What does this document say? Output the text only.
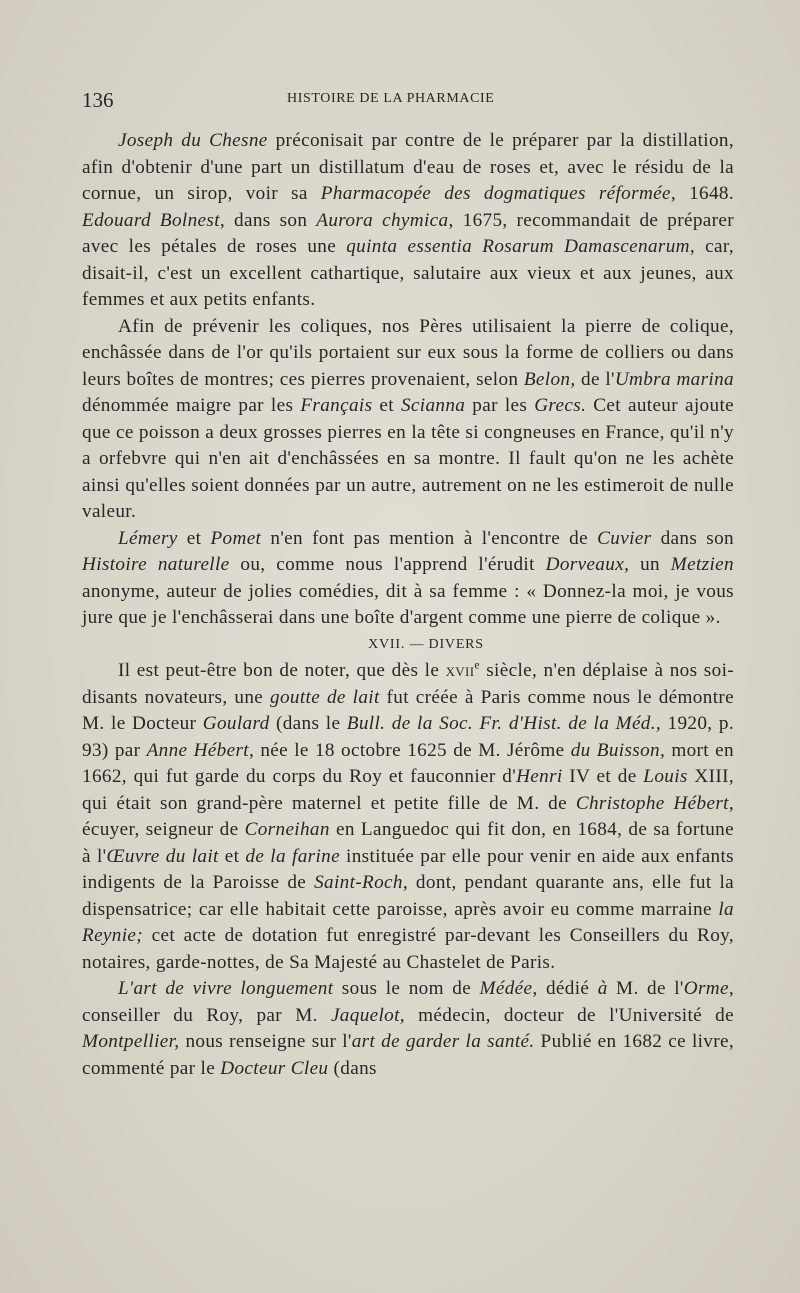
136	HISTOIRE DE LA PHARMACIE

Joseph du Chesne préconisait par contre de le préparer par la distillation, afin d'obtenir d'une part un distillatum d'eau de roses et, avec le résidu de la cornue, un sirop, voir sa Pharmacopée des dogmatiques réformée, 1648. Edouard Bolnest, dans son Aurora chymica, 1675, recommandait de préparer avec les pétales de roses une quinta essentia Rosarum Damascenarum, car, disait-il, c'est un excellent cathartique, salutaire aux vieux et aux jeunes, aux femmes et aux petits enfants.

Afin de prévenir les coliques, nos Pères utilisaient la pierre de colique, enchâssée dans de l'or qu'ils portaient sur eux sous la forme de colliers ou dans leurs boîtes de montres; ces pierres provenaient, selon Belon, de l'Umbra marina dénommée maigre par les Français et Scianna par les Grecs. Cet auteur ajoute que ce poisson a deux grosses pierres en la tête si congneuses en France, qu'il n'y a orfebvre qui n'en ait d'enchâssées en sa montre. Il fault qu'on ne les achète ainsi qu'elles soient données par un autre, autrement on ne les estimeroit de nulle valeur.

Lémery et Pomet n'en font pas mention à l'encontre de Cuvier dans son Histoire naturelle ou, comme nous l'apprend l'érudit Dorveaux, un Metzien anonyme, auteur de jolies comédies, dit à sa femme : « Donnez-la moi, je vous jure que je l'enchâsserai dans une boîte d'argent comme une pierre de colique ».

XVII. — DIVERS

Il est peut-être bon de noter, que dès le xvii$^e$ siècle, n'en déplaise à nos soi-disants novateurs, une goutte de lait fut créée à Paris comme nous le démontre M. le Docteur Goulard (dans le Bull. de la Soc. Fr. d'Hist. de la Méd., 1920, p. 93) par Anne Hébert, née le 18 octobre 1625 de M. Jérôme du Buisson, mort en 1662, qui fut garde du corps du Roy et fauconnier d'Henri IV et de Louis XIII, qui était son grand-père maternel et petite fille de M. de Christophe Hébert, écuyer, seigneur de Corneihan en Languedoc qui fit don, en 1684, de sa fortune à l'Œuvre du lait et de la farine instituée par elle pour venir en aide aux enfants indigents de la Paroisse de Saint-Roch, dont, pendant quarante ans, elle fut la dispensatrice; car elle habitait cette paroisse, après avoir eu comme marraine la Reynie; cet acte de dotation fut enregistré par-devant les Conseillers du Roy, notaires, garde-nottes, de Sa Majesté au Chastelet de Paris.

L'art de vivre longuement sous le nom de Médée, dédié à M. de l'Orme, conseiller du Roy, par M. Jaquelot, médecin, docteur de l'Université de Montpellier, nous renseigne sur l'art de garder la santé. Publié en 1682 ce livre, commenté par le Docteur Cleu (dans
